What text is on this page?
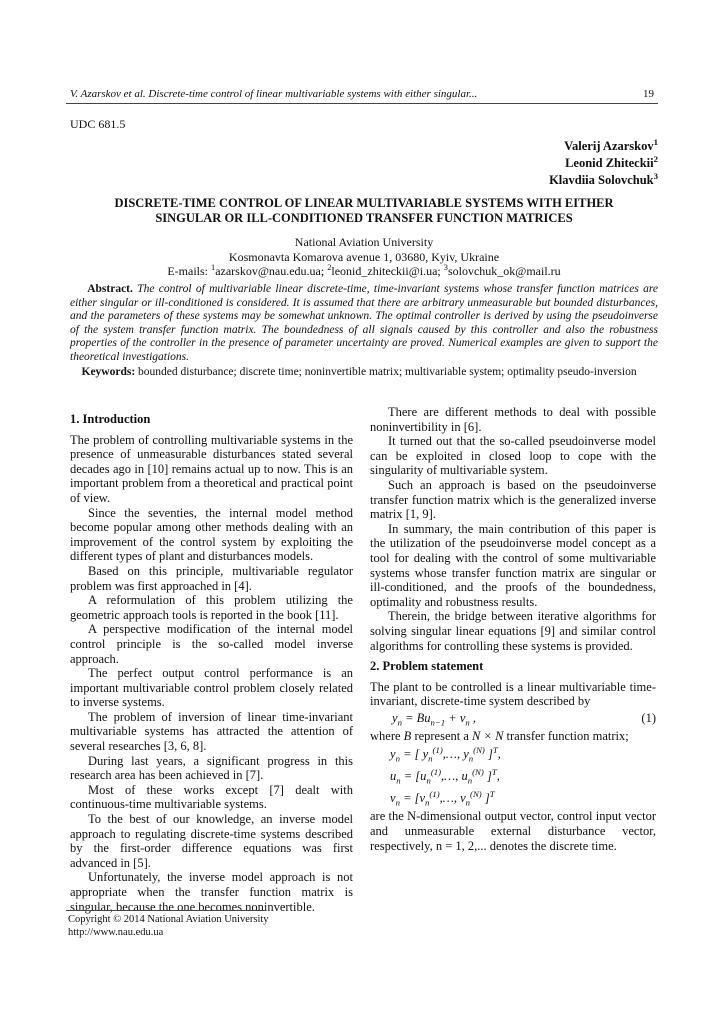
V. Azarskov et al. Discrete-time control of linear multivariable systems with either singular...	19
UDC 681.5
Valerij Azarskov$^1$
Leonid Zhiteckii$^2$
Klavdiia Solovchuk$^3$
DISCRETE-TIME CONTROL OF LINEAR MULTIVARIABLE SYSTEMS WITH EITHER
SINGULAR OR ILL-CONDITIONED TRANSFER FUNCTION MATRICES
National Aviation University
Kosmonavta Komarova avenue 1, 03680, Kyiv, Ukraine
E-mails: $^1$azarskov@nau.edu.ua; $^2$leonid_zhiteckii@i.ua; $^3$solovchuk_ok@mail.ru
Abstract. The control of multivariable linear discrete-time, time-invariant systems whose transfer function matrices are either singular or ill-conditioned is considered. It is assumed that there are arbitrary unmeasurable but bounded disturbances, and the parameters of these systems may be somewhat unknown. The optimal controller is derived by using the pseudoinverse of the system transfer function matrix. The boundedness of all signals caused by this controller and also the robustness properties of the controller in the presence of parameter uncertainty are proved. Numerical examples are given to support the theoretical investigations.
Keywords: bounded disturbance; discrete time; noninvertible matrix; multivariable system; optimality pseudo-inversion
1. Introduction

The problem of controlling multivariable systems in the presence of unmeasurable disturbances stated several decades ago in [10] remains actual up to now. This is an important problem from a theoretical and practical point of view.

Since the seventies, the internal model method become popular among other methods dealing with an improvement of the control system by exploiting the different types of plant and disturbances models.

Based on this principle, multivariable regulator problem was first approached in [4].

A reformulation of this problem utilizing the geometric approach tools is reported in the book [11].

A perspective modification of the internal model control principle is the so-called model inverse approach.

The perfect output control performance is an important multivariable control problem closely related to inverse systems.

The problem of inversion of linear time-invariant multivariable systems has attracted the attention of several researches [3, 6, 8].

During last years, a significant progress in this research area has been achieved in [7].

Most of these works except [7] dealt with continuous-time multivariable systems.

To the best of our knowledge, an inverse model approach to regulating discrete-time systems described by the first-order difference equations was first advanced in [5].

Unfortunately, the inverse model approach is not appropriate when the transfer function matrix is singular, because the one becomes noninvertible.

There are different methods to deal with possible noninvertibility in [6].

It turned out that the so-called pseudoinverse model can be exploited in closed loop to cope with the singularity of multivariable system.

Such an approach is based on the pseudoinverse transfer function matrix which is the generalized inverse matrix [1, 9].

In summary, the main contribution of this paper is the utilization of the pseudoinverse model concept as a tool for dealing with the control of some multivariable systems whose transfer function matrix are singular or ill-conditioned, and the proofs of the boundedness, optimality and robustness results.

Therein, the bridge between iterative algorithms for solving singular linear equations [9] and similar control algorithms for controlling these systems is provided.

2. Problem statement

The plant to be controlled is a linear multivariable time-invariant, discrete-time system described by

$y_n = Bu_{n-1} + v_n$ ,	(1)

where B represent a N × N transfer function matrix;

$y_n$ = [ $y_n^{(1)},\dots$, $y_n^{(N)}$ ]$^T$,
$u_n$ = [$u_n^{(1)},\dots$, $u_n^{(N)}$ ]$^T$,
$v_n$ = [$v_n^{(1)},\dots$, $v_n^{(N)}$ ]$^T$

are the N-dimensional output vector, control input vector and unmeasurable external disturbance vector, respectively, n = 1, 2,... denotes the discrete time.

Copyright © 2014 National Aviation University
http://www.nau.edu.ua
